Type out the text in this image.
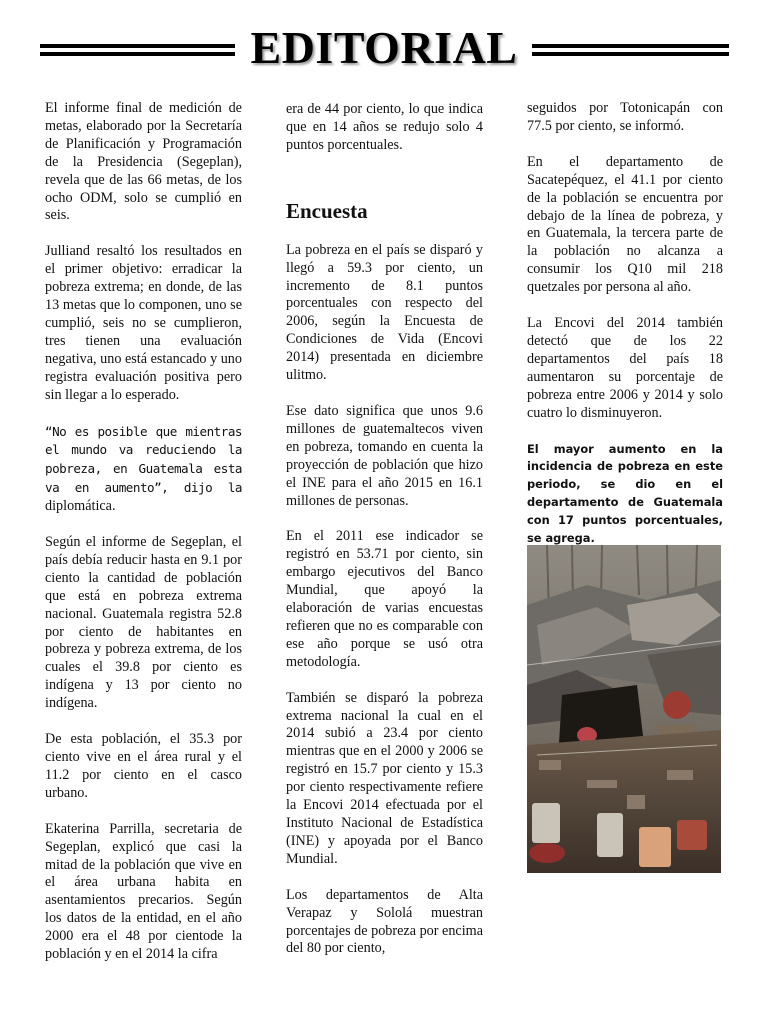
EDITORIAL

El informe final de medición de metas, elaborado por la Secretaría de Planificación y Programación de la Presidencia (Segeplan), revela que de las 66 metas, de los ocho ODM, solo se cumplió en seis.

Julliand resaltó los resultados en el primer objetivo: erradicar la pobreza extrema; en donde, de las 13 metas que lo componen, uno se cumplió, seis no se cumplieron, tres tienen una evaluación negativa, uno está estancado y uno registra evaluación positiva pero sin llegar a lo esperado.

“No es posible que mientras el mundo va reduciendo la pobreza, en Guatemala esta va en aumento”, dijo la diplomática.

Según el informe de Segeplan, el país debía reducir hasta en 9.1 por ciento la cantidad de población que está en pobreza extrema nacional. Guatemala registra 52.8 por ciento de habitantes en pobreza y pobreza extrema, de los cuales el 39.8 por ciento es indígena y 13 por ciento no indígena.

De esta población, el 35.3 por ciento vive en el área rural y el 11.2 por ciento en el casco urbano.

Ekaterina Parrilla, secretaria de Segeplan, explicó que casi la mitad de la población que vive en el área urbana habita en asentamientos precarios. Según los datos de la entidad, en el año 2000 era el 48 por cientode la población y en el 2014 la cifra

era de 44 por ciento, lo que indica que en 14 años se redujo solo 4 puntos porcentuales.

Encuesta

La pobreza en el país se disparó y llegó a 59.3 por ciento, un incremento de 8.1 puntos porcentuales con respecto del 2006, según la Encuesta de Condiciones de Vida (Encovi 2014) presentada en diciembre ulitmo.

Ese dato significa que unos 9.6 millones de guatemaltecos viven en pobreza, tomando en cuenta la proyección de población que hizo el INE para el año 2015 en 16.1 millones de personas.

En el 2011 ese indicador se registró en 53.71 por ciento, sin embargo ejecutivos del Banco Mundial, que apoyó la elaboración de varias encuestas refieren que no es comparable con ese año porque se usó otra metodología.

También se disparó la pobreza extrema nacional la cual en el 2014 subió a 23.4 por ciento mientras que en el 2000 y 2006 se registró en 15.7 por ciento y 15.3 por ciento respectivamente refiere la Encovi 2014 efectuada por el Instituto Nacional de Estadística (INE) y apoyada por el Banco Mundial.

Los departamentos de Alta Verapaz y Sololá muestran porcentajes de pobreza por encima del 80 por ciento,

seguidos por Totonicapán con 77.5 por ciento, se informó.

En el departamento de Sacatepéquez, el 41.1 por ciento de la población se encuentra por debajo de la línea de pobreza, y en Guatemala, la tercera parte de la población no alcanza a consumir los Q10 mil 218 quetzales por persona al año.

La Encovi del 2014 también detectó que de los 22 departamentos del país 18 aumentaron su porcentaje de pobreza entre 2006 y 2014 y solo cuatro lo disminuyeron.

El mayor aumento en la incidencia de pobreza en este periodo, se dio en el departamento de Guatemala con 17 puntos porcentuales, se agrega.
